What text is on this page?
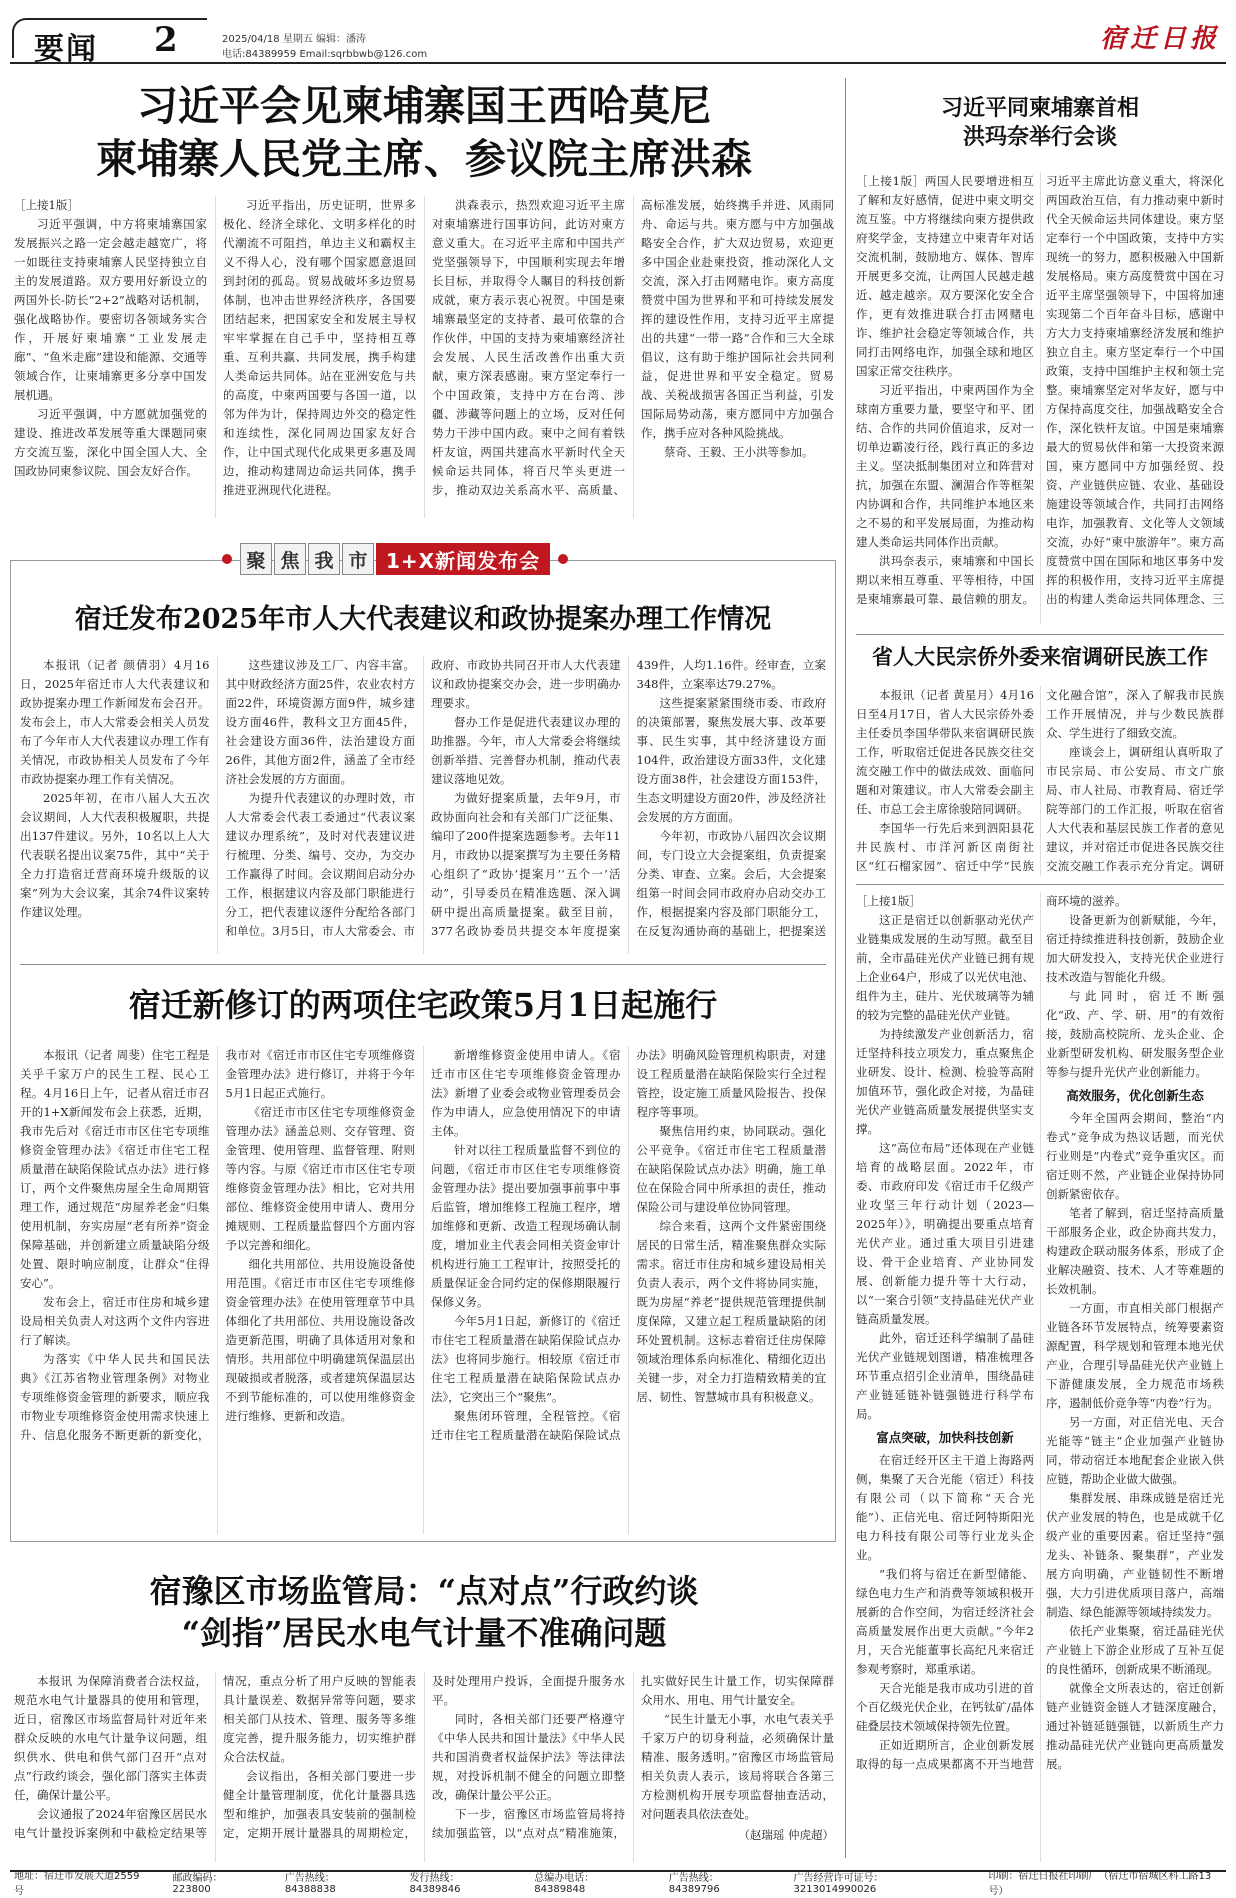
要闻 2	2025/04/18 星期五 编辑：潘涛
电话:84389959 Email:sqrbbwb@126.com
宿迁日报
习近平会见柬埔寨国王西哈莫尼
柬埔寨人民党主席、参议院主席洪森

［上接1版］

习近平强调，中方将柬埔寨国家发展振兴之路一定会越走越宽广，将一如既往支持柬埔寨人民坚持独立自主的发展道路。双方要用好新设立的两国外长-防长“2+2”战略对话机制，强化战略协作。要密切各领域务实合作，开展好柬埔寨“工业发展走廊”、“鱼米走廊”建设和能源、交通等领域合作，让柬埔寨更多分享中国发展机遇。

习近平强调，中方愿就加强党的建设、推进改革发展等重大课题同柬方交流互鉴，深化中国全国人大、全国政协同柬参议院、国会友好合作。

习近平指出，历史证明，世界多极化、经济全球化、文明多样化的时代潮流不可阻挡，单边主义和霸权主义不得人心，没有哪个国家愿意退回到封闭的孤岛。贸易战破坏多边贸易体制，也冲击世界经济秩序，各国要团结起来，把国家安全和发展主导权牢牢掌握在自己手中，坚持相互尊重、互利共赢、共同发展，携手构建人类命运共同体。站在亚洲安危与共的高度，中柬两国要与各国一道，以邻为伴为计，保持周边外交的稳定性和连续性，深化同周边国家友好合作，让中国式现代化成果更多惠及周边，推动构建周边命运共同体，携手推进亚洲现代化进程。

洪森表示，热烈欢迎习近平主席对柬埔寨进行国事访问，此访对柬方意义重大。在习近平主席和中国共产党坚强领导下，中国顺利实现去年增长目标，并取得令人瞩目的科技创新成就，柬方表示衷心祝贺。中国是柬埔寨最坚定的支持者、最可依靠的合作伙伴，中国的支持为柬埔寨经济社会发展、人民生活改善作出重大贡献，柬方深表感谢。柬方坚定奉行一个中国政策，支持中方在台湾、涉疆、涉藏等问题上的立场，反对任何势力干涉中国内政。柬中之间有着铁杆友谊，两国共建高水平新时代全天候命运共同体，将百尺竿头更进一步，推动双边关系高水平、高质量、高标准发展，始终携手并进、风雨同舟、命运与共。柬方愿与中方加强战略安全合作，扩大双边贸易，欢迎更多中国企业赴柬投资，推动深化人文交流，深入打击网赌电诈。柬方高度赞赏中国为世界和平和可持续发展发挥的建设性作用，支持习近平主席提出的共建“一带一路”合作和三大全球倡议，这有助于维护国际社会共同利益，促进世界和平安全稳定。贸易战、关税战损害各国正当利益，引发国际局势动荡，柬方愿同中方加强合作，携手应对各种风险挑战。

蔡奇、王毅、王小洪等参加。

习近平同柬埔寨首相
洪玛奈举行会谈

［上接1版］两国人民要增进相互了解和友好感情，促进中柬文明交流互鉴。中方将继续向柬方提供政府奖学金，支持建立中柬青年对话交流机制，鼓励地方、媒体、智库开展更多交流，让两国人民越走越近、越走越亲。双方要深化安全合作，更有效推进联合打击网赌电诈、维护社会稳定等领域合作，共同打击网络电诈，加强全球和地区国家正常交往秩序。

习近平指出，中柬两国作为全球南方重要力量，要坚守和平、团结、合作的共同价值追求，反对一切单边霸凌行径，践行真正的多边主义。坚决抵制集团对立和阵营对抗，加强在东盟、澜湄合作等框架内协调和合作，共同维护本地区来之不易的和平发展局面，为推动构建人类命运共同体作出贡献。

洪玛奈表示，柬埔寨和中国长期以来相互尊重、平等相待，中国是柬埔寨最可靠、最信赖的朋友。习近平主席此访意义重大，将深化两国政治互信，有力推动柬中新时代全天候命运共同体建设。柬方坚定奉行一个中国政策，支持中方实现统一的努力，愿积极融入中国新发展格局。柬方高度赞赏中国在习近平主席坚强领导下，中国将加速实现第二个百年奋斗目标，感谢中方大力支持柬埔寨经济发展和维护独立自主。柬方坚定奉行一个中国政策，支持中国维护主权和领土完整。柬埔寨坚定对华友好，愿与中方保持高度交往，加强战略安全合作，深化铁杆友谊。中国是柬埔寨最大的贸易伙伴和第一大投资来源国，柬方愿同中方加强经贸、投资、产业链供应链、农业、基础设施建设等领域合作，共同打击网络电诈，加强教育、文化等人文领域交流，办好“柬中旅游年”。柬方高度赞赏中国在国际和地区事务中发挥的积极作用，支持习近平主席提出的构建人类命运共同体理念、三

省人大民宗侨外委来宿调研民族工作

本报讯（记者 黄星月）4月16日至4月17日，省人大民宗侨外委主任委员李国华带队来宿调研民族工作，听取宿迁促进各民族交往交流交融工作中的做法成效、面临问题和对策建议。市人大常委会副主任、市总工会主席徐骏陪同调研。

李国华一行先后来到泗阳县花井民族村、市洋河新区南街社区“红石榴家园”、宿迁中学“民族文化融合馆”，深入了解我市民族工作开展情况，并与少数民族群众、学生进行了细致交流。

座谈会上，调研组认真听取了市民宗局、市公安局、市文广旅局、市人社局、市教育局、宿迁学院等部门的工作汇报，听取在宿省人大代表和基层民族工作者的意见建议，并对宿迁市促进各民族交往交流交融工作表示充分肯定。调研

［上接1版］

这正是宿迁以创新驱动光伏产业链集成发展的生动写照。截至目前，全市晶硅光伏产业链已拥有规上企业64户，形成了以光伏电池、组件为主，硅片、光伏玻璃等为辅的较为完整的晶硅光伏产业链。

为持续激发产业创新活力，宿迁坚持科技立项发力，重点聚焦企业研发、设计、检测、检验等高附加值环节，强化政企对接，为晶硅光伏产业链高质量发展提供坚实支撑。

这“高位布局”还体现在产业链培育的战略层面。2022年，市委、市政府印发《宿迁市千亿级产业攻坚三年行动计划（2023—2025年）》，明确提出要重点培育光伏产业。通过重大项目引进建设、骨干企业培育、产业协同发展、创新能力提升等十大行动，以“一案合引领”支持晶硅光伏产业链高质量发展。

此外，宿迁还科学编制了晶硅光伏产业链规划图谱，精准梳理各环节重点招引企业清单，围绕晶硅产业链延链补链强链进行科学布局。

富点突破，加快科技创新

在宿迁经开区主干道上海路两侧，集聚了天合光能（宿迁）科技有限公司（以下简称“天合光能”）、正信光电、宿迁阿特斯阳光电力科技有限公司等行业龙头企业。

“我们将与宿迁在新型储能、绿色电力生产和消费等领域积极开展新的合作空间，为宿迁经济社会高质量发展作出更大贡献。”今年2月，天合光能董事长高纪凡来宿迁参观考察时，郑重承诺。

天合光能是我市成功引进的首个百亿级光伏企业，在钙钛矿/晶体硅叠层技术领域保持领先位置。

正如近期所言，企业创新发展取得的每一点成果都离不开当地营商环境的滋养。

设备更新为创新赋能，今年，宿迁持续推进科技创新，鼓励企业加大研发投入，支持光伏企业进行技术改造与智能化升级。

与此同时，宿迁不断强化“政、产、学、研、用”的有效衔接，鼓励高校院所、龙头企业、企业新型研发机构、研发服务型企业等参与提升光伏产业创新能力。

高效服务，优化创新生态

今年全国两会期间，整治“内卷式”竞争成为热议话题，而光伏行业则是“内卷式”竞争重灾区。而宿迁则不然，产业链企业保持协同创新紧密依存。

笔者了解到，宿迁坚持高质量干部服务企业，政企协商共发力，构建政企联动服务体系，形成了企业解决融资、技术、人才等难题的长效机制。

一方面，市直相关部门根据产业链各环节发展特点，统筹要素资源配置，科学规划和管理本地光伏产业，合理引导晶硅光伏产业链上下游健康发展，全力规范市场秩序，遏制低价竞争等“内卷”行为。

另一方面，对正信光电、天合光能等“链主”企业加强产业链协同，带动宿迁本地配套企业嵌入供应链，帮助企业做大做强。

集群发展、串珠成链是宿迁光伏产业发展的特色，也是成就千亿级产业的重要因素。宿迁坚持“强龙头、补链条、聚集群”，产业发展方向明确，产业链韧性不断增强，大力引进优质项目落户，高端制造、绿色能源等领域持续发力。

依托产业集聚，宿迁晶硅光伏产业链上下游企业形成了互补互促的良性循环，创新成果不断涌现。

就像全文所表达的，宿迁创新链产业链资金链人才链深度融合，通过补链延链强链，以新质生产力推动晶硅光伏产业链向更高质量发展。

聚 焦 我 市 1+X新闻发布会
宿迁发布2025年市人大代表建议和政协提案办理工作情况

本报讯（记者 颜倩羽）4月16日，2025年宿迁市人大代表建议和政协提案办理工作新闻发布会召开。发布会上，市人大常委会相关人员发布了今年市人大代表建议办理工作有关情况，市政协相关人员发布了今年市政协提案办理工作有关情况。

2025年初，在市八届人大五次会议期间，人大代表积极履职，共提出137件建议。另外，10名以上人大代表联名提出议案75件，其中“关于全力打造宿迁营商环境升级版的议案”列为大会议案，其余74件议案转作建议处理。

这些建议涉及工厂、内容丰富。其中财政经济方面25件，农业农村方面22件，环境资源方面9件，城乡建设方面46件，教科文卫方面45件，社会建设方面36件，法治建设方面26件，其他方面2件，涵盖了全市经济社会发展的方方面面。

为提升代表建议的办理时效，市人大常委会代表工委通过“代表议案建议办理系统”，及时对代表建议进行梳理、分类、编号、交办，为交办工作赢得了时间。会议期间启动分办工作，根据建议内容及部门职能进行分工，把代表建议逐件分配给各部门和单位。3月5日，市人大常委会、市政府、市政协共同召开市人大代表建议和政协提案交办会，进一步明确办理要求。

督办工作是促进代表建议办理的助推器。今年，市人大常委会将继续创新举措、完善督办机制，推动代表建议落地见效。

为做好提案质量，去年9月，市政协面向社会和有关部门广泛征集、编印了200件提案选题参考。去年11月，市政协以提案撰写为主要任务精心组织了“政协‘提案月’‘五个一’活动”，引导委员在精准选题、深入调研中提出高质量提案。截至目前，377名政协委员共提交本年度提案439件，人均1.16件。经审查，立案348件，立案率达79.27%。

这些提案紧紧围绕市委、市政府的决策部署，聚焦发展大事、改革要事、民生实事，其中经济建设方面104件，政治建设方面33件，文化建设方面38件，社会建设方面153件，生态文明建设方面20件，涉及经济社会发展的方方面面。

今年初，市政协八届四次会议期间，专门设立大会提案组，负责提案分类、审查、立案。会后，大会提案组第一时间会同市政府办启动交办工作，根据提案内容及部门职能分工，在反复沟通协商的基础上，把提案送

宿迁新修订的两项住宅政策5月1日起施行

本报讯（记者 周斐）住宅工程是关乎千家万户的民生工程、民心工程。4月16日上午，记者从宿迁市召开的1+X新闻发布会上获悉，近期，我市先后对《宿迁市市区住宅专项维修资金管理办法》《宿迁市住宅工程质量潜在缺陷保险试点办法》进行修订，两个文件聚焦房屋全生命周期管理工作，通过规范“房屋养老金”归集使用机制，夯实房屋“老有所养”资金保障基础，并创新建立质量缺陷分级处置、限时响应制度，让群众“住得安心”。

发布会上，宿迁市住房和城乡建设局相关负责人对这两个文件内容进行了解读。

为落实《中华人民共和国民法典》《江苏省物业管理条例》对物业专项维修资金管理的新要求，顺应我市物业专项维修资金使用需求快速上升、信息化服务不断更新的新变化，我市对《宿迁市市区住宅专项维修资金管理办法》进行修订，并将于今年5月1日起正式施行。

《宿迁市市区住宅专项维修资金管理办法》涵盖总则、交存管理、资金管理、使用管理、监督管理、附则等内容。与原《宿迁市市区住宅专项维修资金管理办法》相比，它对共用部位、维修资金使用申请人、费用分摊规则、工程质量监督四个方面内容予以完善和细化。

细化共用部位、共用设施设备使用范围。《宿迁市市区住宅专项维修资金管理办法》在使用管理章节中具体细化了共用部位、共用设施设备改造更新范围，明确了具体适用对象和情形。共用部位中明确建筑保温层出现破损或者脱落，或者建筑保温层达不到节能标准的，可以使用维修资金进行维修、更新和改造。

新增维修资金使用申请人。《宿迁市市区住宅专项维修资金管理办法》新增了业委会或物业管理委员会作为申请人，应急使用情况下的申请主体。

针对以往工程质量监督不到位的问题，《宿迁市市区住宅专项维修资金管理办法》提出要加强事前事中事后监管，增加维修工程施工程序，增加维修和更新、改造工程现场确认制度，增加业主代表会同相关资金审计机构进行施工工程审计，按照受托的质量保证金合同约定的保修期限履行保修义务。

今年5月1日起，新修订的《宿迁市住宅工程质量潜在缺陷保险试点办法》也将同步施行。相较原《宿迁市住宅工程质量潜在缺陷保险试点办法》，它突出三个“聚焦”。

聚焦闭环管理，全程管控。《宿迁市住宅工程质量潜在缺陷保险试点办法》明确风险管理机构职责，对建设工程质量潜在缺陷保险实行全过程管控，设定施工质量风险报告、投保程序等事项。

聚焦信用约束，协同联动。强化公平竞争。《宿迁市住宅工程质量潜在缺陷保险试点办法》明确，施工单位在保险合同中所承担的责任，推动保险公司与建设单位协同管理。

综合来看，这两个文件紧密围绕居民的日常生活，精准聚焦群众实际需求。宿迁市住房和城乡建设局相关负责人表示，两个文件将协同实施，既为房屋“养老”提供规范管理提供制度保障，又建立起工程质量缺陷的闭环处置机制。这标志着宿迁住房保障领域治理体系向标准化、精细化迈出关键一步，对全力打造精致精美的宜居、韧性、智慧城市具有积极意义。

宿豫区市场监管局：“点对点”行政约谈
“剑指”居民水电气计量不准确问题

本报讯 为保障消费者合法权益，规范水电气计量器具的使用和管理，近日，宿豫区市场监督局针对近年来群众反映的水电气计量争议问题，组织供水、供电和供气部门召开“点对点”行政约谈会，强化部门落实主体责任，确保计量公平。

会议通报了2024年宿豫区居民水电气计量投诉案例和中截检定结果等情况，重点分析了用户反映的智能表具计量误差、数据异常等问题，要求相关部门从技术、管理、服务等多维度完善，提升服务能力，切实维护群众合法权益。

会议指出，各相关部门要进一步健全计量管理制度，优化计量器具选型和维护，加强表具安装前的强制检定，定期开展计量器具的周期检定，及时处理用户投诉，全面提升服务水平。

同时，各相关部门还要严格遵守《中华人民共和国计量法》《中华人民共和国消费者权益保护法》等法律法规，对投诉机制不健全的问题立即整改，确保计量公平公正。

下一步，宿豫区市场监管局将持续加强监管，以“点对点”精准施策，扎实做好民生计量工作，切实保障群众用水、用电、用气计量安全。

“民生计量无小事，水电气表关乎千家万户的切身利益，必须确保计量精准、服务透明。”宿豫区市场监管局相关负责人表示，该局将联合各第三方检测机构开展专项监督抽查活动，对问题表具依法查处。

（赵瑞瑶 仲虎超）

地址：宿迁市发展大道2559号
邮政编码：223800
广告热线：84388838
发行热线：84389846
总编办电话：84389848
广告热线：84389796
广告经营许可证号：3213014990026
印刷：宿迁日报社印刷厂（宿迁市宿城区科工路13号）
